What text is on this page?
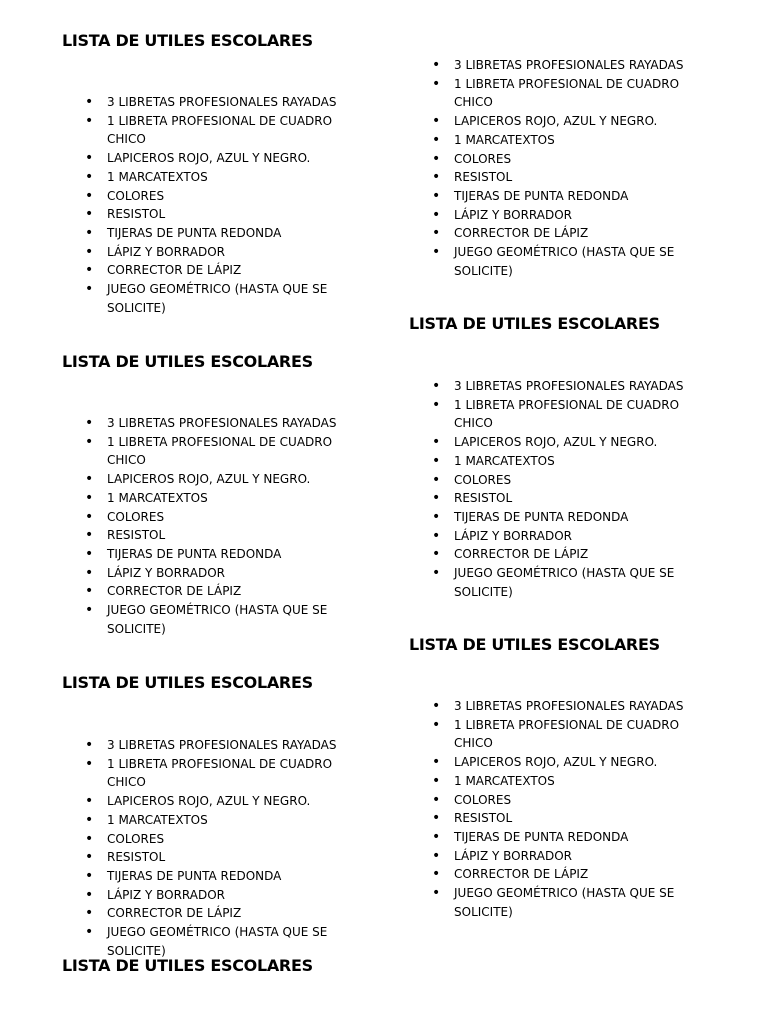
LISTA DE UTILES ESCOLARES
• 3 LIBRETAS PROFESIONALES RAYADAS
• 1 LIBRETA PROFESIONAL DE CUADRO CHICO
• LAPICEROS ROJO, AZUL Y NEGRO.
• 1 MARCATEXTOS
• COLORES
• RESISTOL
• TIJERAS DE PUNTA REDONDA
• LÁPIZ Y BORRADOR
• CORRECTOR DE LÁPIZ
• JUEGO GEOMÉTRICO (HASTA QUE SE SOLICITE)
LISTA DE UTILES ESCOLARES
• 3 LIBRETAS PROFESIONALES RAYADAS
• 1 LIBRETA PROFESIONAL DE CUADRO CHICO
• LAPICEROS ROJO, AZUL Y NEGRO.
• 1 MARCATEXTOS
• COLORES
• RESISTOL
• TIJERAS DE PUNTA REDONDA
• LÁPIZ Y BORRADOR
• CORRECTOR DE LÁPIZ
• JUEGO GEOMÉTRICO (HASTA QUE SE SOLICITE)
LISTA DE UTILES ESCOLARES
• 3 LIBRETAS PROFESIONALES RAYADAS
• 1 LIBRETA PROFESIONAL DE CUADRO CHICO
• LAPICEROS ROJO, AZUL Y NEGRO.
• 1 MARCATEXTOS
• COLORES
• RESISTOL
• TIJERAS DE PUNTA REDONDA
• LÁPIZ Y BORRADOR
• CORRECTOR DE LÁPIZ
• JUEGO GEOMÉTRICO (HASTA QUE SE SOLICITE)
LISTA DE UTILES ESCOLARES
• 3 LIBRETAS PROFESIONALES RAYADAS
• 1 LIBRETA PROFESIONAL DE CUADRO CHICO
• LAPICEROS ROJO, AZUL Y NEGRO.
• 1 MARCATEXTOS
• COLORES
• RESISTOL
• TIJERAS DE PUNTA REDONDA
• LÁPIZ Y BORRADOR
• CORRECTOR DE LÁPIZ
• JUEGO GEOMÉTRICO (HASTA QUE SE SOLICITE)
LISTA DE UTILES ESCOLARES
• 3 LIBRETAS PROFESIONALES RAYADAS
• 1 LIBRETA PROFESIONAL DE CUADRO CHICO
• LAPICEROS ROJO, AZUL Y NEGRO.
• 1 MARCATEXTOS
• COLORES
• RESISTOL
• TIJERAS DE PUNTA REDONDA
• LÁPIZ Y BORRADOR
• CORRECTOR DE LÁPIZ
• JUEGO GEOMÉTRICO (HASTA QUE SE SOLICITE)
LISTA DE UTILES ESCOLARES
• 3 LIBRETAS PROFESIONALES RAYADAS
• 1 LIBRETA PROFESIONAL DE CUADRO CHICO
• LAPICEROS ROJO, AZUL Y NEGRO.
• 1 MARCATEXTOS
• COLORES
• RESISTOL
• TIJERAS DE PUNTA REDONDA
• LÁPIZ Y BORRADOR
• CORRECTOR DE LÁPIZ
• JUEGO GEOMÉTRICO (HASTA QUE SE SOLICITE)
